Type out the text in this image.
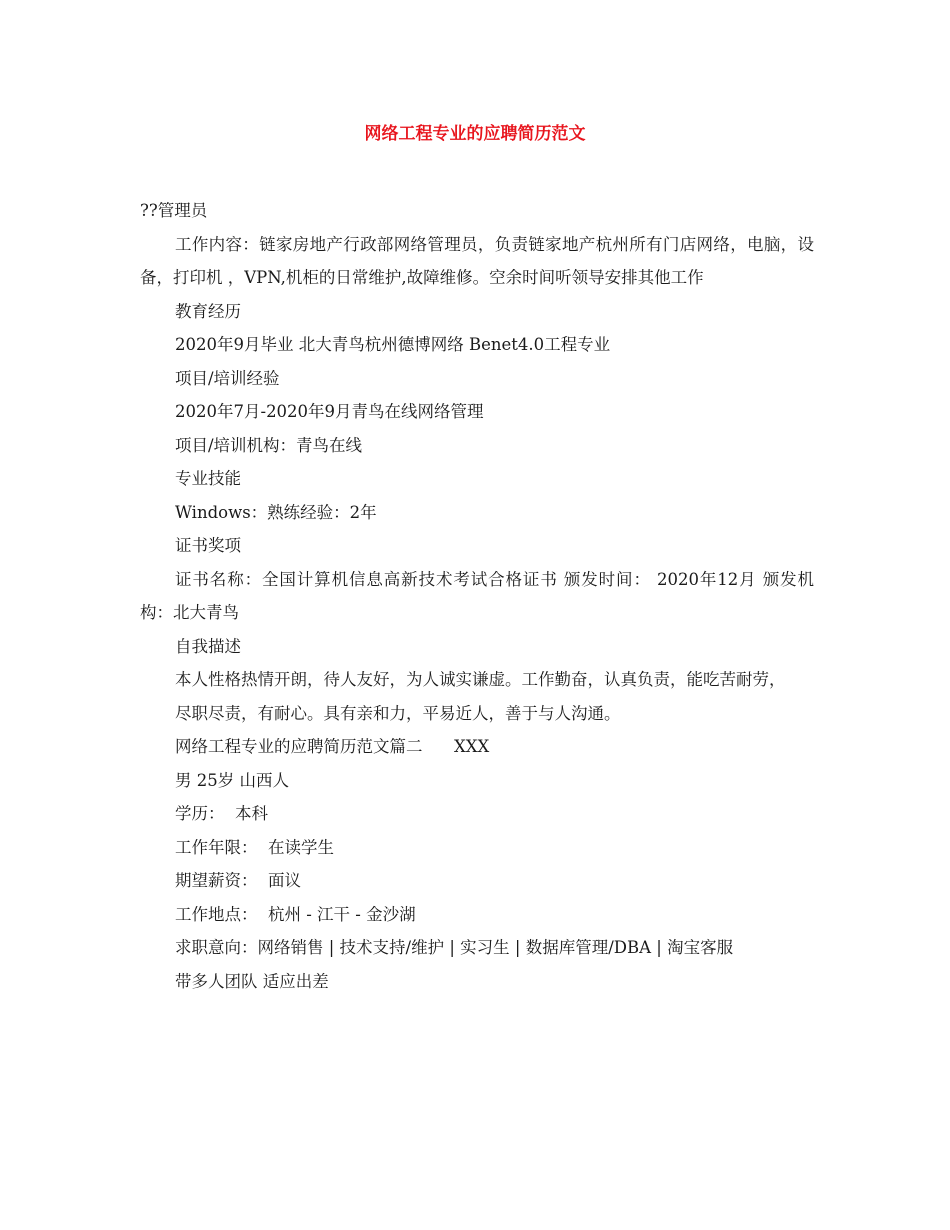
网络工程专业的应聘简历范文

??管理员

工作内容：链家房地产行政部网络管理员，负责链家地产杭州所有门店网络，电脑，设备，打印机 ，VPN,机柜的日常维护,故障维修。空余时间听领导安排其他工作

教育经历

2020年9月毕业 北大青鸟杭州德博网络 Benet4.0工程专业

项目/培训经验

2020年7月-2020年9月青鸟在线网络管理

项目/培训机构：青鸟在线

专业技能

Windows：熟练经验：2年

证书奖项

证书名称：全国计算机信息高新技术考试合格证书 颁发时间： 2020年12月 颁发机构：北大青鸟

自我描述

本人性格热情开朗，待人友好，为人诚实谦虚。工作勤奋，认真负责，能吃苦耐劳，

尽职尽责，有耐心。具有亲和力，平易近人，善于与人沟通。

网络工程专业的应聘简历范文篇二      XXX

男 25岁 山西人

学历：  本科

工作年限：  在读学生

期望薪资：  面议

工作地点：  杭州 - 江干 - 金沙湖

求职意向：网络销售 | 技术支持/维护 | 实习生 | 数据库管理/DBA | 淘宝客服

带多人团队 适应出差
